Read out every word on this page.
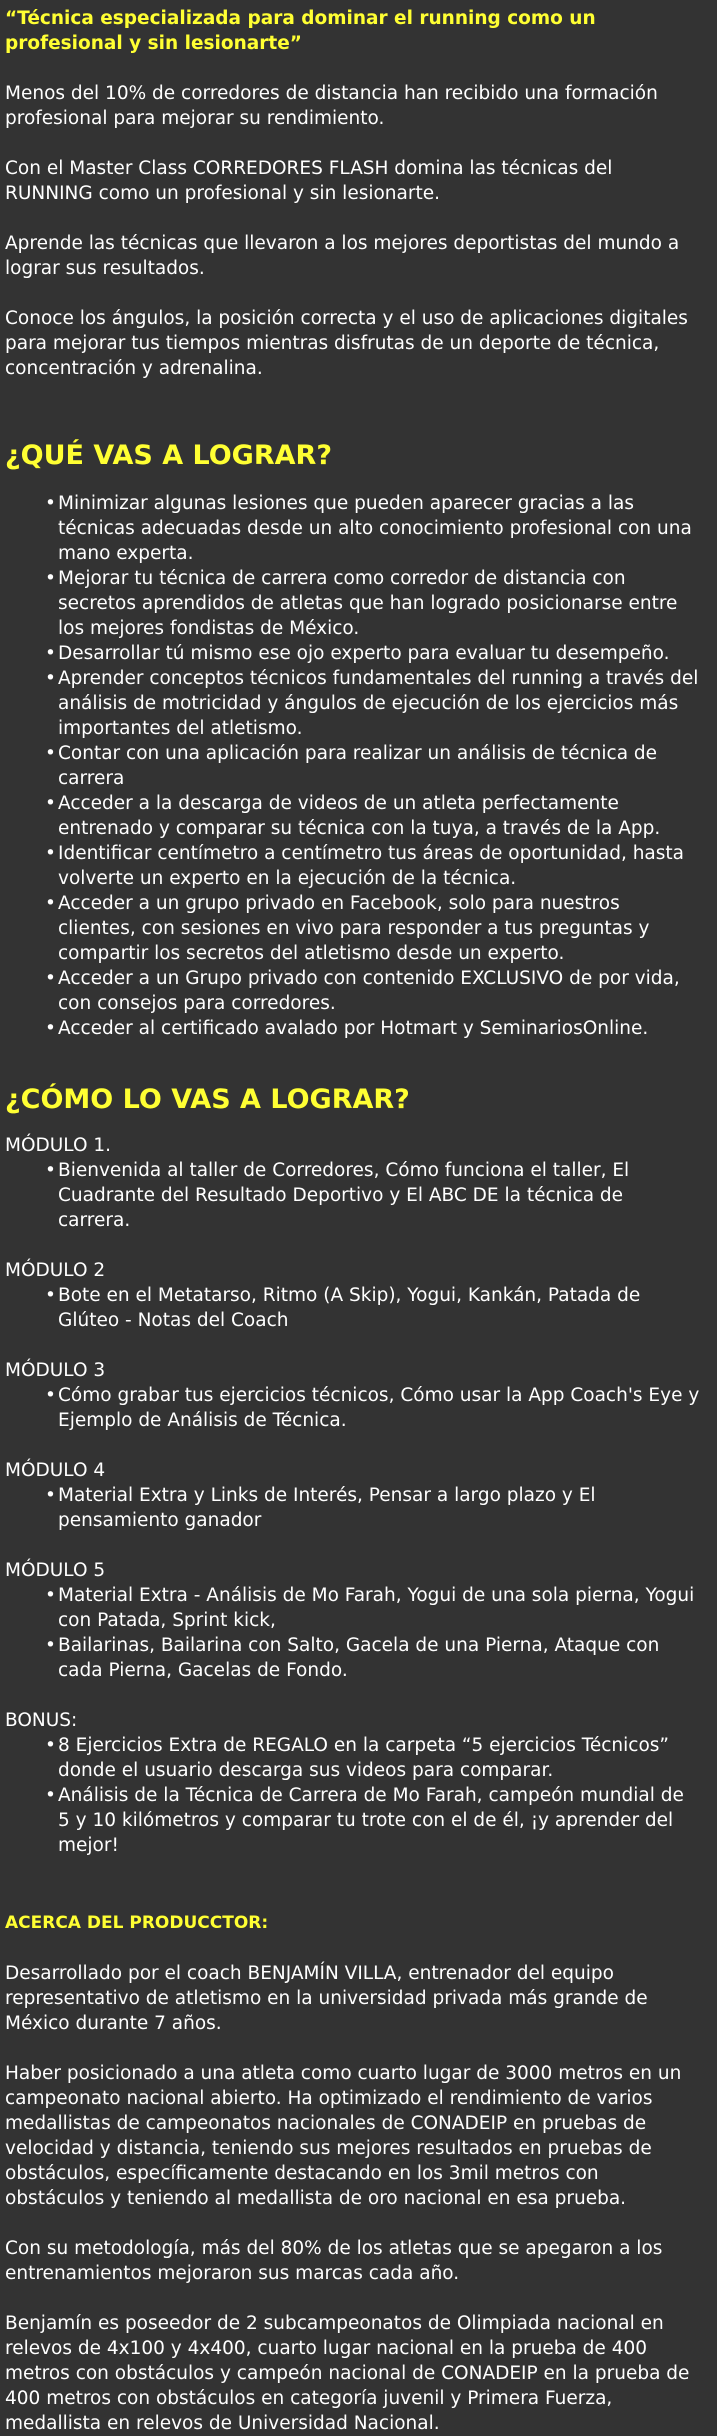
“Técnica especializada para dominar el running como un profesional y sin lesionarte”

Menos del 10% de corredores de distancia han recibido una formación profesional para mejorar su rendimiento.

Con el Master Class CORREDORES FLASH domina las técnicas del RUNNING como un profesional y sin lesionarte.

Aprende las técnicas que llevaron a los mejores deportistas del mundo a lograr sus resultados.

Conoce los ángulos, la posición correcta y el uso de aplicaciones digitales para mejorar tus tiempos mientras disfrutas de un deporte de técnica, concentración y adrenalina.

¿QUÉ VAS A LOGRAR?
• Minimizar algunas lesiones que pueden aparecer gracias a las técnicas adecuadas desde un alto conocimiento profesional con una mano experta.
• Mejorar tu técnica de carrera como corredor de distancia con secretos aprendidos de atletas que han logrado posicionarse entre los mejores fondistas de México.
• Desarrollar tú mismo ese ojo experto para evaluar tu desempeño.
• Aprender conceptos técnicos fundamentales del running a través del análisis de motricidad y ángulos de ejecución de los ejercicios más importantes del atletismo.
• Contar con una aplicación para realizar un análisis de técnica de carrera
• Acceder a la descarga de videos de un atleta perfectamente entrenado y comparar su técnica con la tuya, a través de la App.
• Identificar centímetro a centímetro tus áreas de oportunidad, hasta volverte un experto en la ejecución de la técnica.
• Acceder a un grupo privado en Facebook, solo para nuestros clientes, con sesiones en vivo para responder a tus preguntas y compartir los secretos del atletismo desde un experto.
• Acceder a un Grupo privado con contenido EXCLUSIVO de por vida, con consejos para corredores.
• Acceder al certificado avalado por Hotmart y SeminariosOnline.
¿CÓMO LO VAS A LOGRAR?

MÓDULO 1.

• Bienvenida al taller de Corredores, Cómo funciona el taller, El Cuadrante del Resultado Deportivo y El ABC DE la técnica de carrera.

MÓDULO 2

• Bote en el Metatarso, Ritmo (A Skip), Yogui, Kankán, Patada de Glúteo - Notas del Coach

MÓDULO 3

• Cómo grabar tus ejercicios técnicos, Cómo usar la App Coach's Eye y Ejemplo de Análisis de Técnica.

MÓDULO 4

• Material Extra y Links de Interés, Pensar a largo plazo y El pensamiento ganador

MÓDULO 5

• Material Extra - Análisis de Mo Farah, Yogui de una sola pierna, Yogui con Patada, Sprint kick,
• Bailarinas, Bailarina con Salto, Gacela de una Pierna, Ataque con cada Pierna, Gacelas de Fondo.

BONUS:

• 8 Ejercicios Extra de REGALO en la carpeta “5 ejercicios Técnicos” donde el usuario descarga sus videos para comparar.
• Análisis de la Técnica de Carrera de Mo Farah, campeón mundial de 5 y 10 kilómetros y comparar tu trote con el de él, ¡y aprender del mejor!

ACERCA DEL PRODUCCTOR:

Desarrollado por el coach BENJAMÍN VILLA, entrenador del equipo representativo de atletismo en la universidad privada más grande de México durante 7 años.

Haber posicionado a una atleta como cuarto lugar de 3000 metros en un campeonato nacional abierto. Ha optimizado el rendimiento de varios medallistas de campeonatos nacionales de CONADEIP en pruebas de velocidad y distancia, teniendo sus mejores resultados en pruebas de obstáculos, específicamente destacando en los 3mil metros con obstáculos y teniendo al medallista de oro nacional en esa prueba.

Con su metodología, más del 80% de los atletas que se apegaron a los entrenamientos mejoraron sus marcas cada año.

Benjamín es poseedor de 2 subcampeonatos de Olimpiada nacional en relevos de 4x100 y 4x400, cuarto lugar nacional en la prueba de 400 metros con obstáculos y campeón nacional de CONADEIP en la prueba de 400 metros con obstáculos en categoría juvenil y Primera Fuerza, medallista en relevos de Universidad Nacional.
